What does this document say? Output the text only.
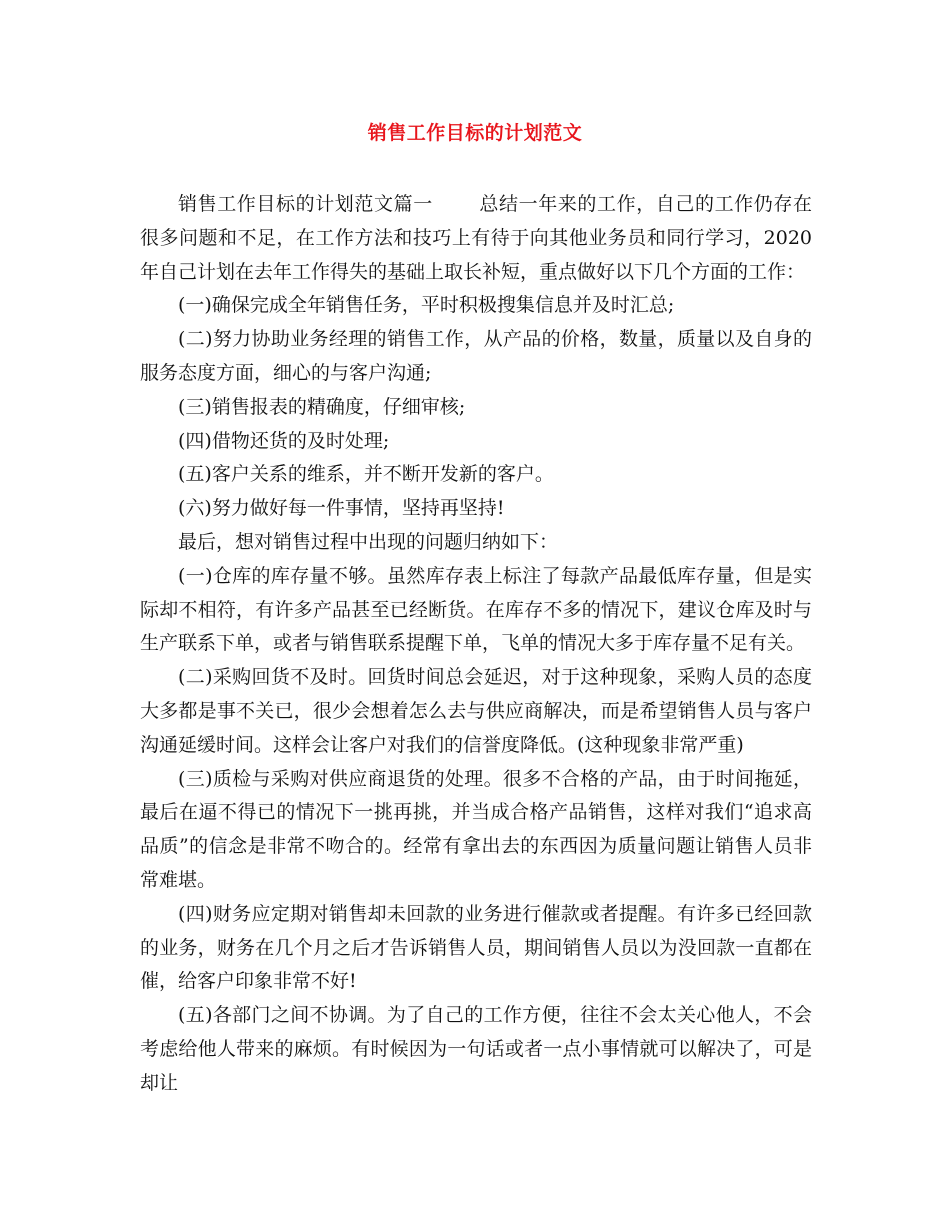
销售工作目标的计划范文

销售工作目标的计划范文篇一 总结一年来的工作，自己的工作仍存在很多问题和不足，在工作方法和技巧上有待于向其他业务员和同行学习，2020年自己计划在去年工作得失的基础上取长补短，重点做好以下几个方面的工作：

(一)确保完成全年销售任务，平时积极搜集信息并及时汇总;

(二)努力协助业务经理的销售工作，从产品的价格，数量，质量以及自身的服务态度方面，细心的与客户沟通;

(三)销售报表的精确度，仔细审核;

(四)借物还货的及时处理;

(五)客户关系的维系，并不断开发新的客户。

(六)努力做好每一件事情，坚持再坚持!

最后，想对销售过程中出现的问题归纳如下：

(一)仓库的库存量不够。虽然库存表上标注了每款产品最低库存量，但是实际却不相符，有许多产品甚至已经断货。在库存不多的情况下，建议仓库及时与生产联系下单，或者与销售联系提醒下单，飞单的情况大多于库存量不足有关。

(二)采购回货不及时。回货时间总会延迟，对于这种现象，采购人员的态度大多都是事不关已，很少会想着怎么去与供应商解决，而是希望销售人员与客户沟通延缓时间。这样会让客户对我们的信誉度降低。(这种现象非常严重)

(三)质检与采购对供应商退货的处理。很多不合格的产品，由于时间拖延，最后在逼不得已的情况下一挑再挑，并当成合格产品销售，这样对我们“追求高品质”的信念是非常不吻合的。经常有拿出去的东西因为质量问题让销售人员非常难堪。

(四)财务应定期对销售却未回款的业务进行催款或者提醒。有许多已经回款的业务，财务在几个月之后才告诉销售人员，期间销售人员以为没回款一直都在催，给客户印象非常不好!

(五)各部门之间不协调。为了自己的工作方便，往往不会太关心他人，不会考虑给他人带来的麻烦。有时候因为一句话或者一点小事情就可以解决了，可是却让
